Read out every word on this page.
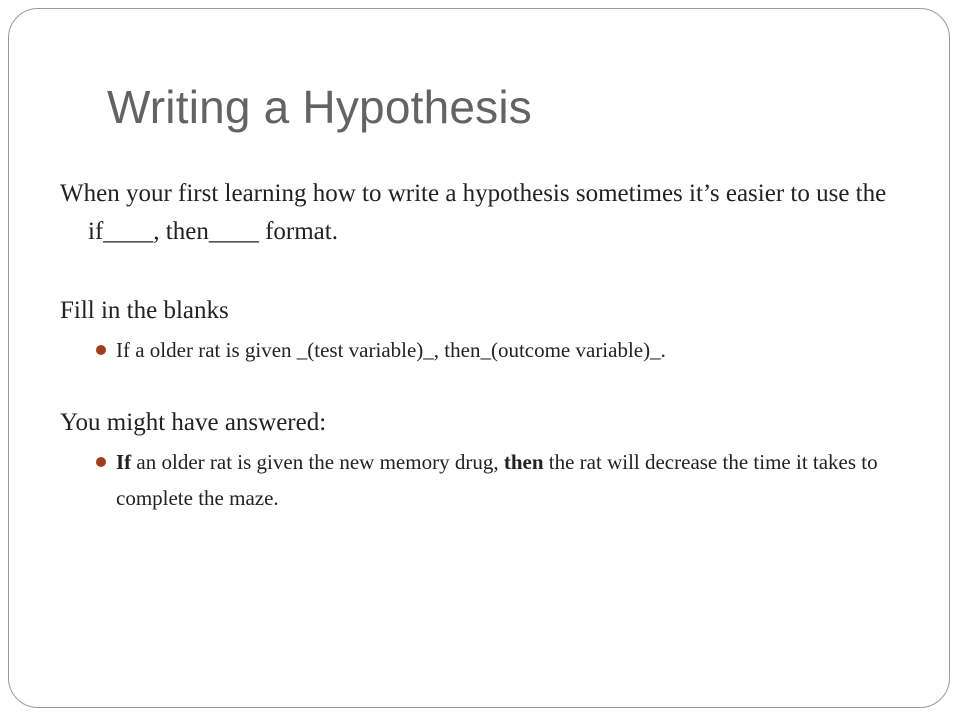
Writing a Hypothesis

When your first learning how to write a hypothesis sometimes it’s easier to use the if____, then____ format.

Fill in the blanks

If a older rat is given _(test variable)_, then_(outcome variable)_.

You might have answered:

If an older rat is given the new memory drug, then the rat will decrease the time it takes to complete the maze.
